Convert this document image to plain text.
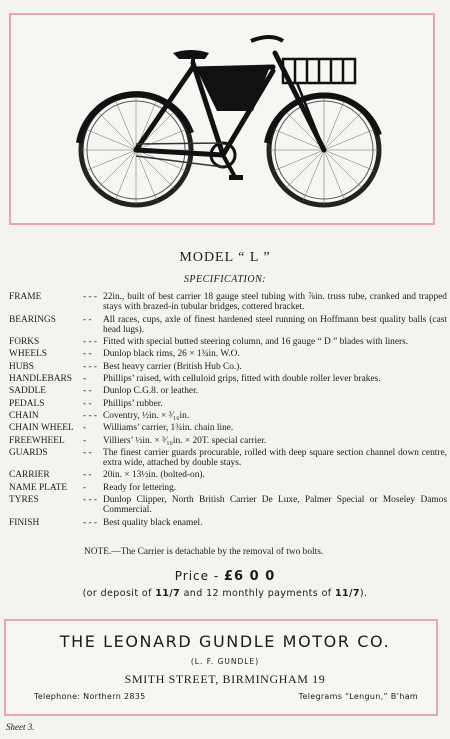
MODEL “ L ”
SPECIFICATION:
FRAME	- - - 22in., built of best carrier 18 gauge steel tubing with ⅞in. truss tube, cranked and trapped stays with brazed-in tubular bridges, cottered bracket.
BEARINGS	- -	All races, cups, axle of finest hardened steel running on Hoffmann best quality balls (cast head lugs).
FORKS	- - - Fitted with special butted steering column, and 16 gauge “ D ” blades with liners.
WHEELS	- -	Dunlop black rims, 26 × 1¾in. W.O.
HUBS	- - - Best heavy carrier (British Hub Co.).
HANDLEBARS	-	Phillips’ raised, with celluloid grips, fitted with double roller lever brakes.
SADDLE	- -	Dunlop C.G.8. or leather.
PEDALS	- -	Phillips’ rubber.
CHAIN	- - - Coventry, ½in. × ³⁄₁₆in.
CHAIN WHEEL -	Williams’ carrier, 1¾in. chain line.
FREEWHEEL	-	Villiers’ ½in. × ³⁄₁₆in. × 20T. special carrier.
GUARDS	- -	The finest carrier guards procurable, rolled with deep square section channel down centre, extra wide, attached by double stays.
CARRIER	- -	20in. × 13½in. (bolted-on).
NAME PLATE	-	Ready for lettering.
TYRES	- - - Dunlop Clipper, North British Carrier De Luxe, Palmer Special or Moseley Damos Commercial.
FINISH	- - - Best quality black enamel.
NOTE.—The Carrier is detachable by the removal of two bolts.
Price - £6 0 0
(or deposit of 11/7 and 12 monthly payments of 11/7).
THE LEONARD GUNDLE MOTOR CO.
(L. F. GUNDLE)
SMITH STREET, BIRMINGHAM 19
Telephone: Northern 2835	Telegrams “Lengun,” B’ham
Sheet 3.
